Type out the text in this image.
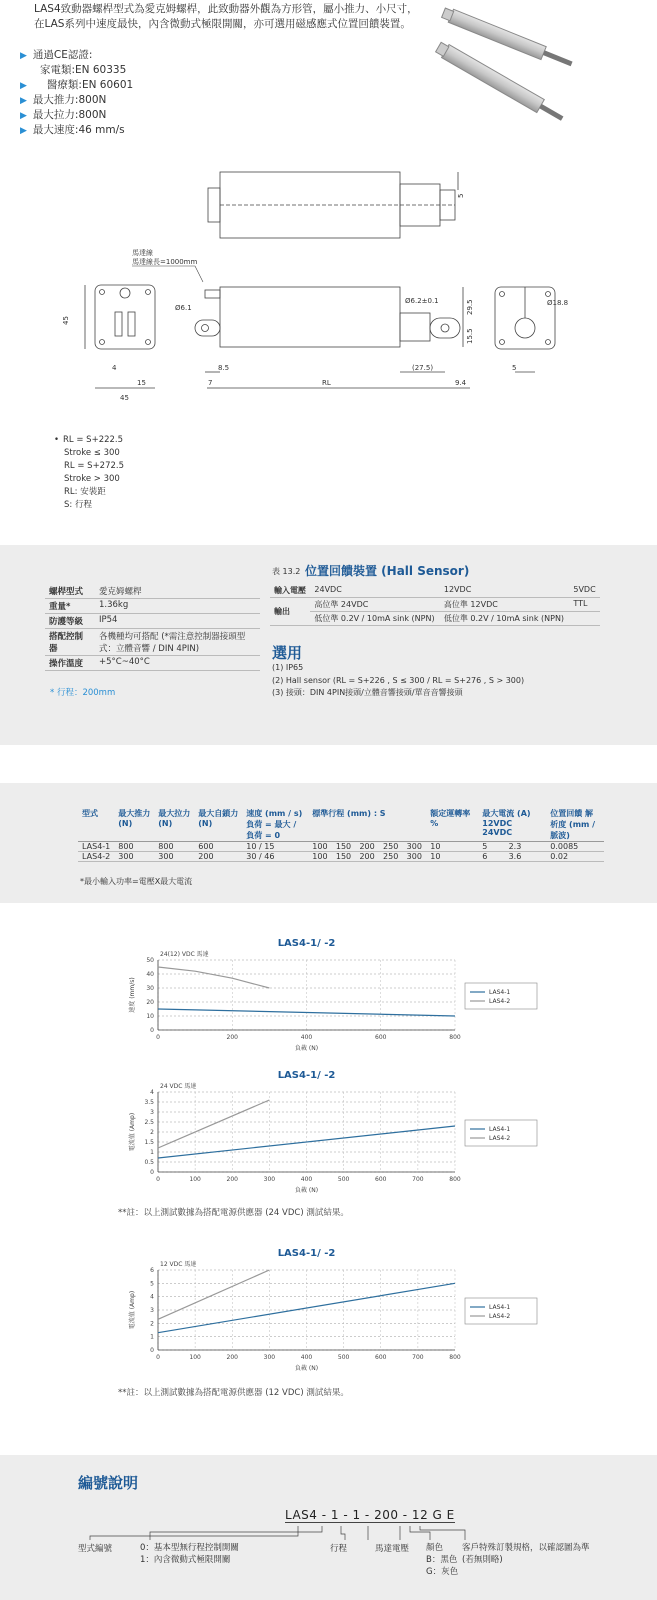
LAS4致動器螺桿型式為愛克姆螺桿，此致動器外觀為方形管，屬小推力、小尺寸，在LAS系列中速度最快，內含微動式極限開關，亦可選用磁感應式位置回饋裝置。
▶ 通過CE認證:
家電類:EN 60335
▶ 醫療類:EN 60601
▶ 最大推力:800N
▶ 最大拉力:800N
▶ 最大速度:46 mm/s
5
馬達線
馬達線長=1000mm
45
Ø6.1
Ø6.2±0.1	29.5
15.5
8.5	(27.5)
15	7	RL	9.4
4
45
Ø18.8
5
• RL = S+222.5
Stroke ≤ 300
RL = S+272.5
Stroke > 300
RL: 安裝距
S: 行程
螺桿型式	愛克姆螺桿
重量*	1.36kg
防護等級	IP54
搭配控制器	各機種均可搭配 (*需注意控制器接頭型式：立體音響 / DIN 4PIN)
操作溫度	+5°C~40°C
* 行程：200mm
表 13.2 位置回饋裝置 (Hall Sensor)
輸入電壓	24VDC	12VDC	5VDC
輸出	高位準 24VDC	高位準 12VDC	TTL
	低位準 0.2V / 10mA sink (NPN)	低位準 0.2V / 10mA sink (NPN)	
選用
(1) IP65
(2) Hall sensor (RL = S+226 , S ≤ 300 / RL = S+276 , S > 300)
(3) 接頭：DIN 4PIN接頭/立體音響接頭/單音音響接頭
型式	最大推力 (N)	最大拉力 (N)	最大自鎖力 (N)	速度 (mm / s) 負荷 = 最大 / 負荷 = 0	標準行程 (mm) : S					額定運轉率 %	最大電流 (A) 12VDC 24VDC		位置回饋 解析度 (mm / 脈波)
LAS4-1	800	800	600	10 / 15	100	150	200	250	300	10	5	2.3	0.0085
LAS4-2	300	300	200	30 / 46	100	150	200	250	300	10	6	3.6	0.02
*最小輸入功率=電壓X最大電流
LAS4-1/ -2
24(12) VDC 馬達
0
10
20
30
40
50
0	200	400	600	800
負載 (N)
速度 (mm/s)	LAS4-1
LAS4-2
LAS4-1/ -2
24 VDC 馬達
0
0.5
1
1.5
2
2.5
3
3.5
4
0	100	200	300	400	500	600	700	800
負載 (N)
電流值 (Amp)	LAS4-1
LAS4-2
**註：以上測試數據為搭配電源供應器 (24 VDC) 測試結果。
LAS4-1/ -2
12 VDC 馬達
0
1
2
3
4
5
6
0	100	200	300	400	500	600	700	800
負載 (N)
電流值 (Amp)	LAS4-1
LAS4-2
**註：以上測試數據為搭配電源供應器 (12 VDC) 測試結果。
編號說明
LAS4 - 1 - 1 - 200 - 12 G E
型式編號	0：基本型無行程控制開關
1：內含微動式極限開關
行程	馬達電壓 顏色
B：黑色
G：灰色
客戶特殊訂製規格，以確認圖為準
(若無則略)
